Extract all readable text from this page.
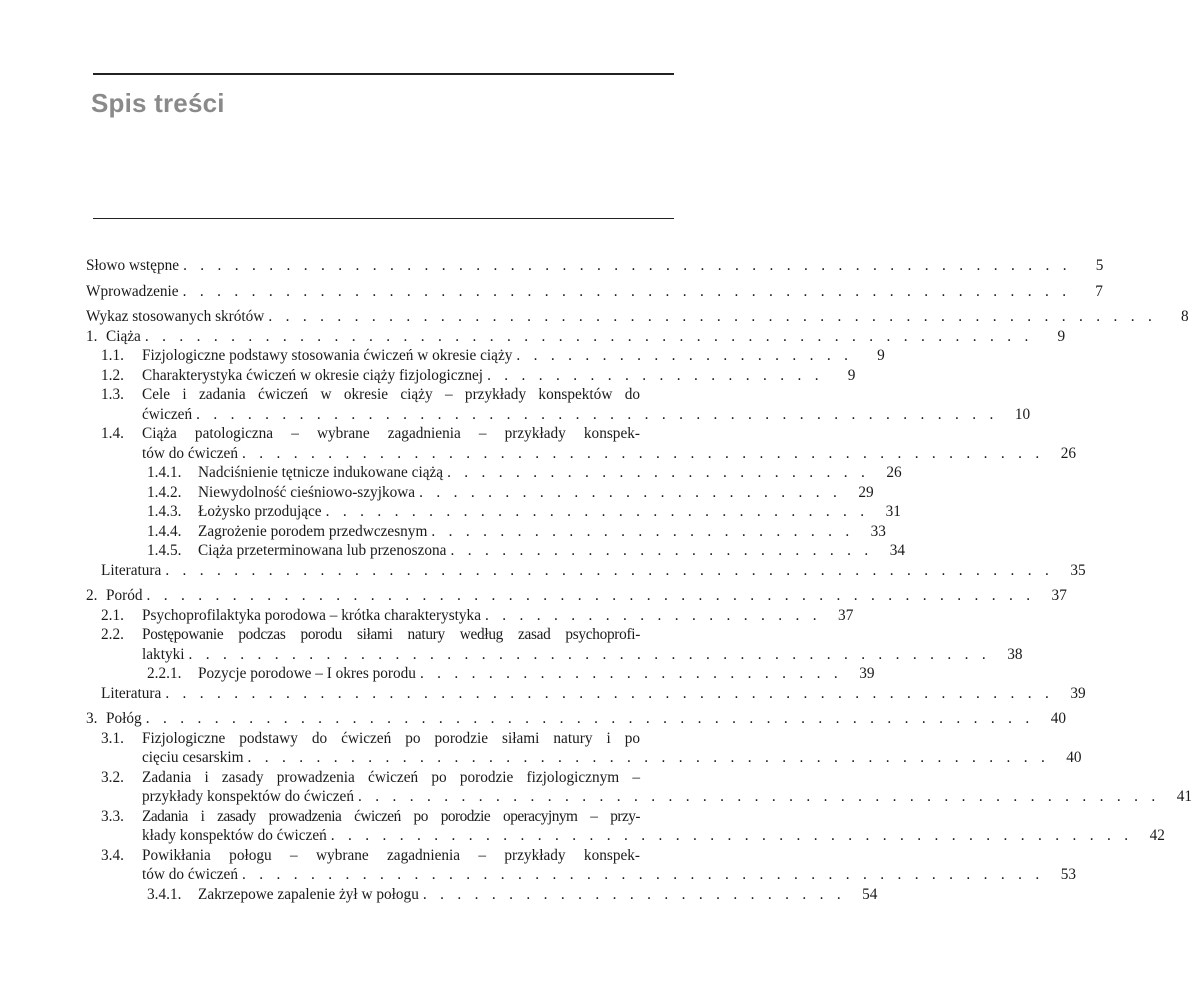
Spis treści
Słowo wstępne . . . . . . . . . . . . . . . . . . . . . . . . . . . . . . . . . . . . . . . . . . . . . . . . . . . .	5
Wprowadzenie . . . . . . . . . . . . . . . . . . . . . . . . . . . . . . . . . . . . . . . . . . . . . . . . . . . .	7
Wykaz stosowanych skrótów . . . . . . . . . . . . . . . . . . . . . . . . . . . . . . . . . . . . . . . . . . . . . . . . . . . .	8
1. Ciąża . . . . . . . . . . . . . . . . . . . . . . . . . . . . . . . . . . . . . . . . . . . . . . . . . . . .	9
1.1. Fizjologiczne podstawy stosowania ćwiczeń w okresie ciąży . . . . . . . . . . . . . . . . . . . .	9
1.2. Charakterystyka ćwiczeń w okresie ciąży fizjologicznej . . . . . . . . . . . . . . . . . . . .	9
1.3. Cele i zadania ćwiczeń w okresie ciąży – przykłady konspektów do
ćwiczeń . . . . . . . . . . . . . . . . . . . . . . . . . . . . . . . . . . . . . . . . . . . . . . .	10
1.4. Ciąża patologiczna – wybrane zagadnienia – przykłady konspek-
tów do ćwiczeń . . . . . . . . . . . . . . . . . . . . . . . . . . . . . . . . . . . . . . . . . . . . . . .	26
1.4.1. Nadciśnienie tętnicze indukowane ciążą . . . . . . . . . . . . . . . . . . . . . . . . .	26
1.4.2. Niewydolność cieśniowo-szyjkowa . . . . . . . . . . . . . . . . . . . . . . . . .	29
1.4.3. Łożysko przodujące . . . . . . . . . . . . . . . . . . . . . . . . . . . . . . . .	31
1.4.4. Zagrożenie porodem przedwczesnym . . . . . . . . . . . . . . . . . . . . . . . . .	33
1.4.5. Ciąża przeterminowana lub przenoszona . . . . . . . . . . . . . . . . . . . . . . . . .	34
Literatura . . . . . . . . . . . . . . . . . . . . . . . . . . . . . . . . . . . . . . . . . . . . . . . . . . . .	35
2. Poród . . . . . . . . . . . . . . . . . . . . . . . . . . . . . . . . . . . . . . . . . . . . . . . . . . . .	37
2.1. Psychoprofilaktyka porodowa – krótka charakterystyka . . . . . . . . . . . . . . . . . . . .	37
2.2. Postępowanie podczas porodu siłami natury według zasad psychoprofi-
laktyki . . . . . . . . . . . . . . . . . . . . . . . . . . . . . . . . . . . . . . . . . . . . . . .	38
2.2.1. Pozycje porodowe – I okres porodu . . . . . . . . . . . . . . . . . . . . . . . . .	39
Literatura . . . . . . . . . . . . . . . . . . . . . . . . . . . . . . . . . . . . . . . . . . . . . . . . . . . .	39
3. Połóg . . . . . . . . . . . . . . . . . . . . . . . . . . . . . . . . . . . . . . . . . . . . . . . . . . . .	40
3.1. Fizjologiczne podstawy do ćwiczeń po porodzie siłami natury i po
cięciu cesarskim . . . . . . . . . . . . . . . . . . . . . . . . . . . . . . . . . . . . . . . . . . . . . . .	40
3.2. Zadania i zasady prowadzenia ćwiczeń po porodzie fizjologicznym –
przykłady konspektów do ćwiczeń . . . . . . . . . . . . . . . . . . . . . . . . . . . . . . . . . . . . . . . . . . . . . . .	41
3.3. Zadania i zasady prowadzenia ćwiczeń po porodzie operacyjnym – przy-
kłady konspektów do ćwiczeń . . . . . . . . . . . . . . . . . . . . . . . . . . . . . . . . . . . . . . . . . . . . . . .	42
3.4. Powikłania połogu – wybrane zagadnienia – przykłady konspek-
tów do ćwiczeń . . . . . . . . . . . . . . . . . . . . . . . . . . . . . . . . . . . . . . . . . . . . . . .	53
3.4.1. Zakrzepowe zapalenie żył w połogu . . . . . . . . . . . . . . . . . . . . . . . . .	54
